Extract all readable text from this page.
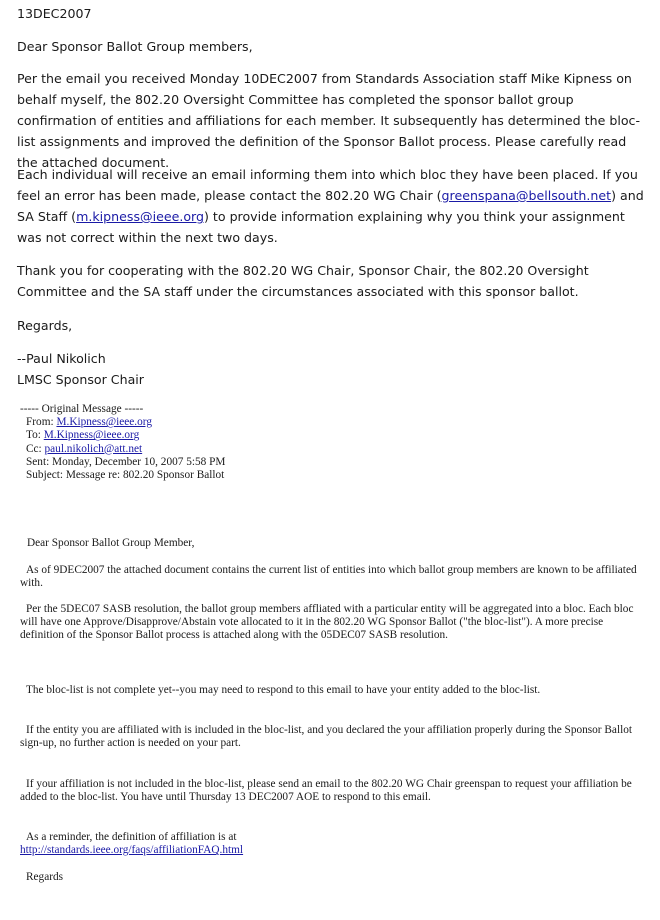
13DEC2007
Dear Sponsor Ballot Group members,

Per the email you received Monday 10DEC2007 from Standards Association staff Mike Kipness on behalf myself, the 802.20 Oversight Committee has completed the sponsor ballot group confirmation of entities and affiliations for each member. It subsequently has determined the bloc-list assignments and improved the definition of the Sponsor Ballot process. Please carefully read the attached document.

Each individual will receive an email informing them into which bloc they have been placed. If you feel an error has been made, please contact the 802.20 WG Chair (greenspana@bellsouth.net) and SA Staff (m.kipness@ieee.org) to provide information explaining why you think your assignment was not correct within the next two days.

Thank you for cooperating with the 802.20 WG Chair, Sponsor Chair, the 802.20 Oversight Committee and the SA staff under the circumstances associated with this sponsor ballot.

Regards,
--Paul Nikolich
LMSC Sponsor Chair
----- Original Message -----
From: M.Kipness@ieee.org
To: M.Kipness@ieee.org
Cc: paul.nikolich@att.net
Sent: Monday, December 10, 2007 5:58 PM
Subject: Message re: 802.20 Sponsor Ballot
Dear Sponsor Ballot Group Member,

As of 9DEC2007 the attached document contains the current list of entities into which ballot group members are known to be affiliated with.

Per the 5DEC07 SASB resolution, the ballot group members affliated with a particular entity will be aggregated into a bloc. Each bloc will have one Approve/Disapprove/Abstain vote allocated to it in the 802.20 WG Sponsor Ballot ("the bloc-list"). A more precise definition of the Sponsor Ballot process is attached along with the 05DEC07 SASB resolution.

The bloc-list is not complete yet--you may need to respond to this email to have your entity added to the bloc-list.

If the entity you are affiliated with is included in the bloc-list, and you declared the your affiliation properly during the Sponsor Ballot sign-up, no further action is needed on your part.

If your affiliation is not included in the bloc-list, please send an email to the 802.20 WG Chair greenspan to request your affiliation be added to the bloc-list. You have until Thursday 13 DEC2007 AOE to respond to this email.

As a reminder, the definition of affiliation is at
http://standards.ieee.org/faqs/affiliationFAQ.html
Regards
